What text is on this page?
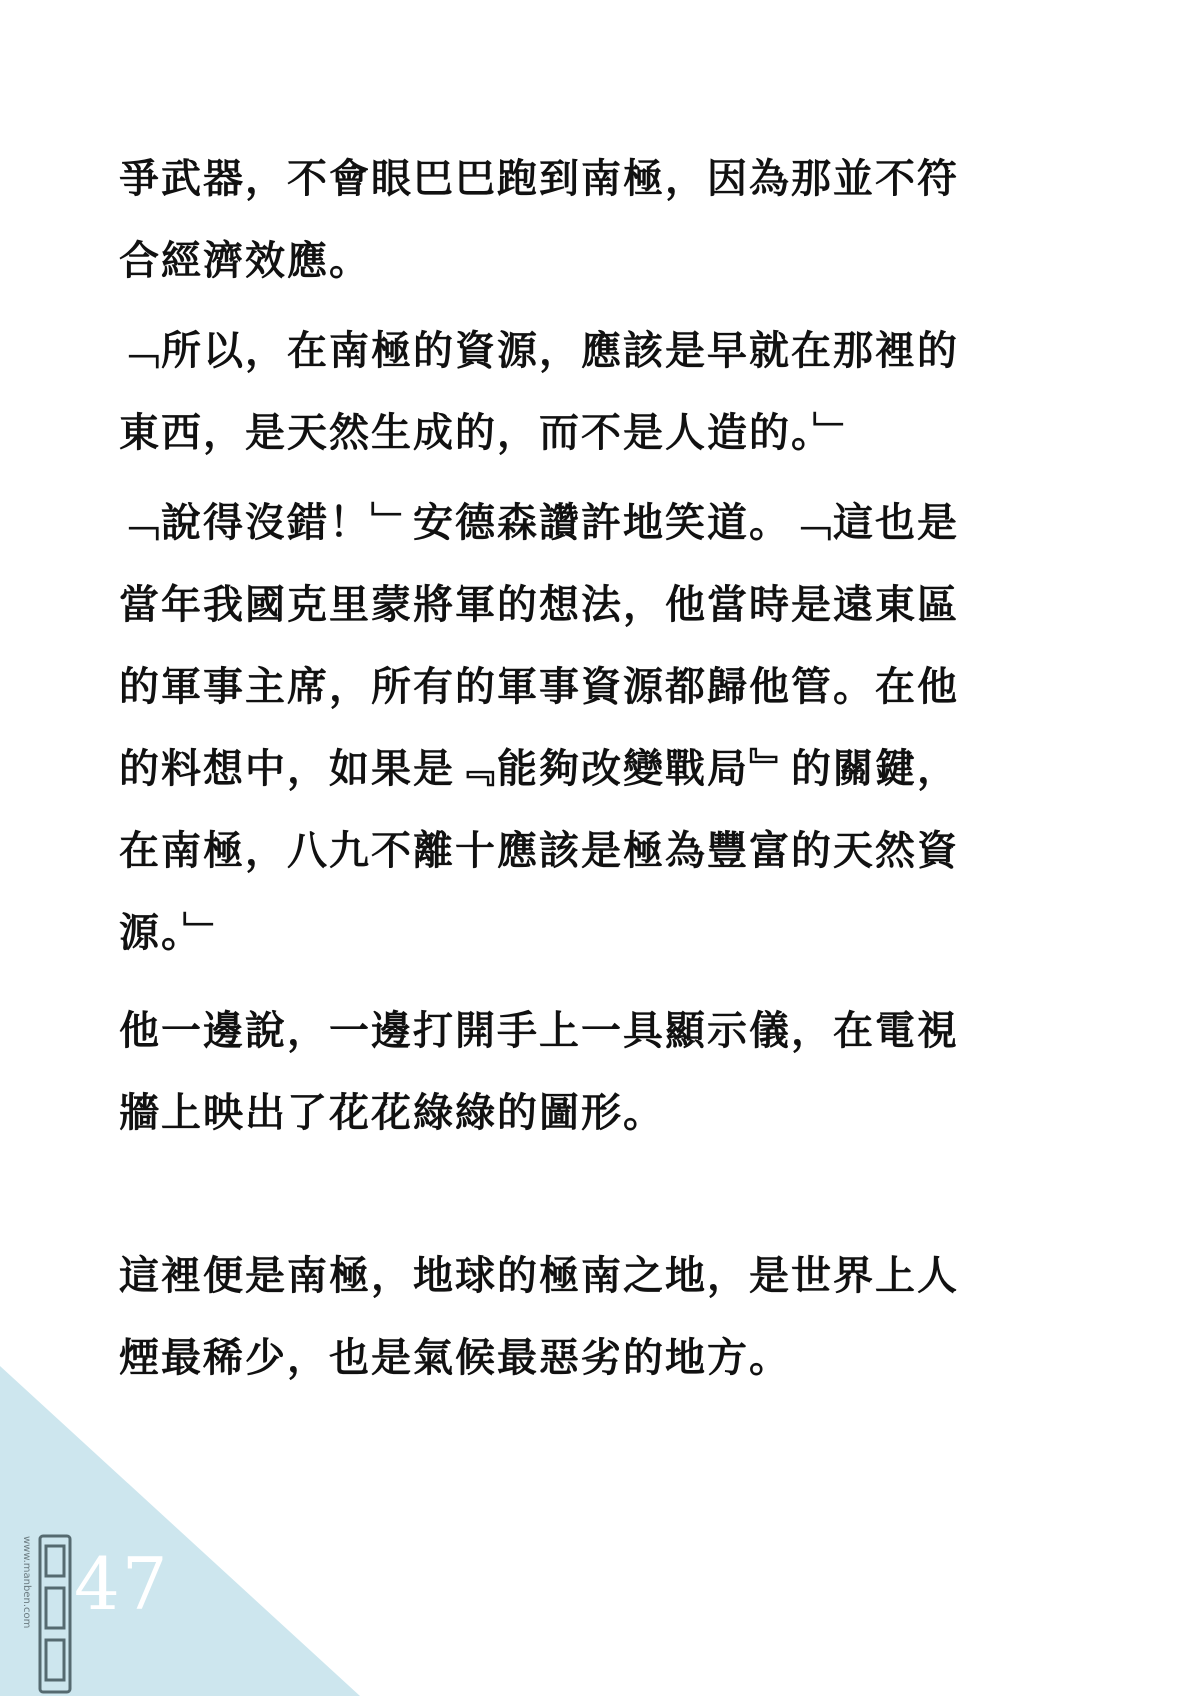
爭武器，不會眼巴巴跑到南極，因為那並不符
合經濟效應。
﹁所以，在南極的資源，應該是早就在那裡的
東西，是天然生成的，而不是人造的。﹂
﹁說得沒錯！﹂安德森讚許地笑道。﹁這也是
當年我國克里蒙將軍的想法，他當時是遠東區
的軍事主席，所有的軍事資源都歸他管。在他
的料想中，如果是﹃能夠改變戰局﹄的關鍵，
在南極，八九不離十應該是極為豐富的天然資
源。﹂
他一邊說，一邊打開手上一具顯示儀，在電視
牆上映出了花花綠綠的圖形。
這裡便是南極，地球的極南之地，是世界上人
煙最稀少，也是氣候最惡劣的地方。
47
www.manben.com
